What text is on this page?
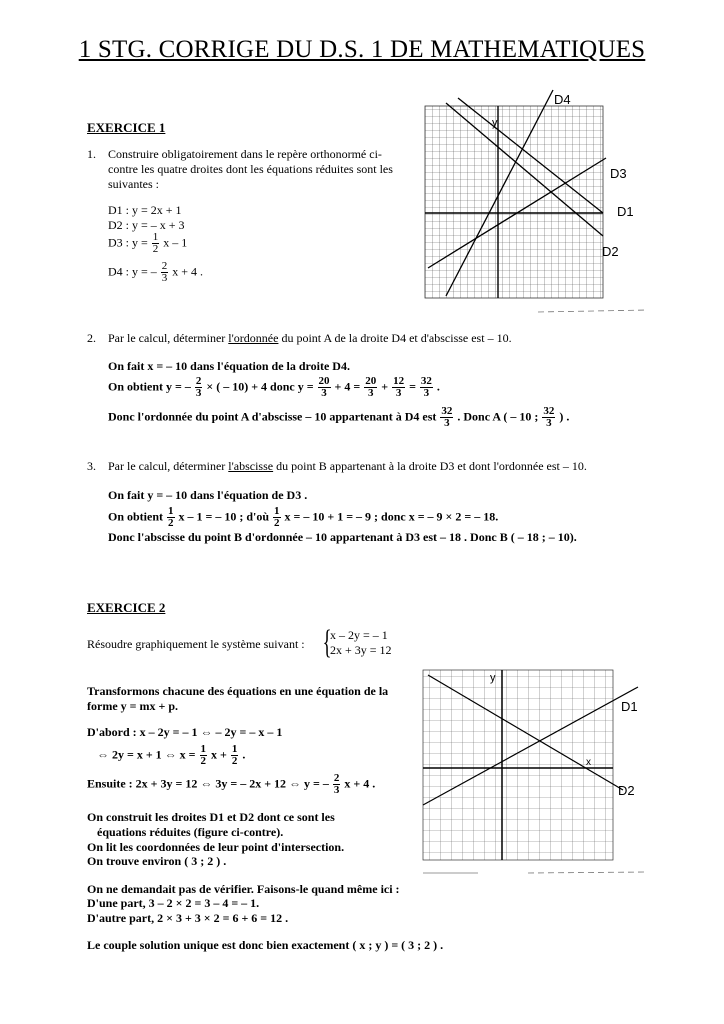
1 STG. CORRIGE DU D.S. 1 DE MATHEMATIQUES
EXERCICE 1
1. Construire obligatoirement dans le repère orthonormé ci-
contre les quatre droites dont les équations réduites sont les
suivantes :
D1 : y = 2x + 1
D2 : y = – x + 3
D3 : $y = \frac{1}{2}$ x – 1
D4 : y = – $\frac{2}{3}$ x + 4 .
y
D4
D3
D1
D2
2. Par le calcul, déterminer l'ordonnée du point A de la droite D4 et d'abscisse est – 10.
On fait x = – 10 dans l'équation de la droite D4.
On obtient y = – $\frac{2}{3}$ × ( – 10) + 4 donc $y = \frac{20}{3} + 4 = \frac{20}{3} + \frac{12}{3} = \frac{32}{3}$ .
Donc l'ordonnée du point A d'abscisse – 10 appartenant à D4 est $\frac{32}{3}$ . Donc A ( – 10 ; $\frac{32}{3}$ ) .
3. Par le calcul, déterminer l'abscisse du point B appartenant à la droite D3 et dont l'ordonnée est – 10.
On fait y = – 10 dans l'équation de D3 .
On obtient $\frac{1}{2}$ x – 1 = – 10 ; d'où $\frac{1}{2}$ x = – 10 + 1 = – 9 ; donc x = – 9 × 2 = – 18.
Donc l'abscisse du point B d'ordonnée – 10 appartenant à D3 est – 18 . Donc B ( – 18 ; – 10).
EXERCICE 2
Résoudre graphiquement le système suivant : {
x – 2y = – 1
2x + 3y = 12
Transformons chacune des équations en une équation de la
forme y = mx + p.
D'abord : x – 2y = – 1 ⇔ – 2y = – x – 1
⇔ 2y = x + 1 ⇔ $x = \frac{1}{2}$ $x + \frac{1}{2}$ .
Ensuite : 2x + 3y = 12 ⇔ 3y = – 2x + 12 ⇔ y = – $\frac{2}{3}$ x + 4 .
On construit les droites D1 et D2 dont ce sont les
équations réduites (figure ci-contre).
On lit les coordonnées de leur point d'intersection.
On trouve environ ( 3 ; 2 ) .
On ne demandait pas de vérifier. Faisons-le quand même ici :
D'une part, 3 – 2 × 2 = 3 – 4 = – 1.
D'autre part, 2 × 3 + 3 × 2 = 6 + 6 = 12 .
Le couple solution unique est donc bien exactement ( x ; y ) = ( 3 ; 2 ) .
y
x
D1
D2
